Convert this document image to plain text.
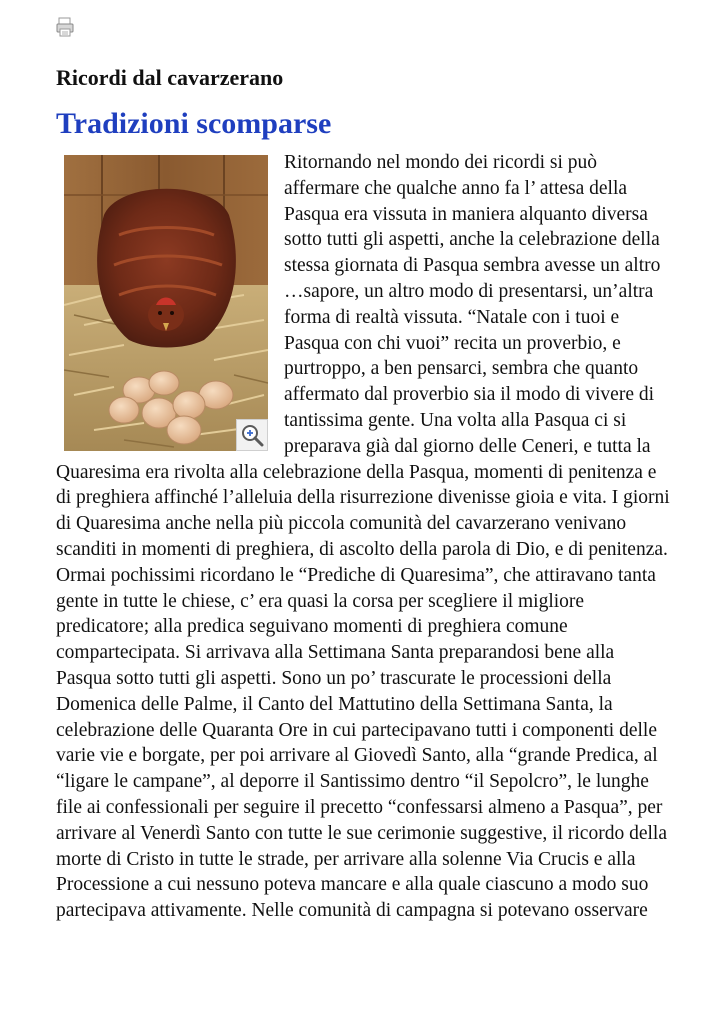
Ricordi dal cavarzerano
Tradizioni scomparse

Ritornando nel mondo dei ricordi si può affermare che qualche anno fa l’ attesa della Pasqua era vissuta in maniera alquanto diversa sotto tutti gli aspetti, anche la celebrazione della stessa giornata di Pasqua sembra avesse un altro …sapore, un altro modo di presentarsi, un’altra forma di realtà vissuta. “Natale con i tuoi e Pasqua con chi vuoi” recita un proverbio, e purtroppo, a ben pensarci, sembra che quanto affermato dal proverbio sia il modo di vivere di tantissima gente. Una volta alla Pasqua ci si preparava già dal giorno delle Ceneri, e tutta la Quaresima era rivolta alla celebrazione della Pasqua, momenti di penitenza e di preghiera affinché l’alleluia della risurrezione divenisse gioia e vita. I giorni di Quaresima anche nella più piccola comunità del cavarzerano venivano scanditi in momenti di preghiera, di ascolto della parola di Dio, e di penitenza. Ormai pochissimi ricordano le “Prediche di Quaresima”, che attiravano tanta gente in tutte le chiese, c’ era quasi la corsa per scegliere il migliore predicatore; alla predica seguivano momenti di preghiera comune compartecipata. Si arrivava alla Settimana Santa preparandosi bene alla Pasqua sotto tutti gli aspetti. Sono un po’ trascurate le processioni della Domenica delle Palme, il Canto del Mattutino della Settimana Santa, la celebrazione delle Quaranta Ore in cui partecipavano tutti i componenti delle varie vie e borgate, per poi arrivare al Giovedì Santo, alla “grande Predica, al “ligare le campane”, al deporre il Santissimo dentro “il Sepolcro”, le lunghe file ai confessionali per seguire il precetto “confessarsi almeno a Pasqua”, per arrivare al Venerdì Santo con tutte le sue cerimonie suggestive, il ricordo della morte di Cristo in tutte le strade, per arrivare alla solenne Via Crucis e alla Processione a cui nessuno poteva mancare e alla quale ciascuno a modo suo partecipava attivamente. Nelle comunità di campagna si potevano osservare
